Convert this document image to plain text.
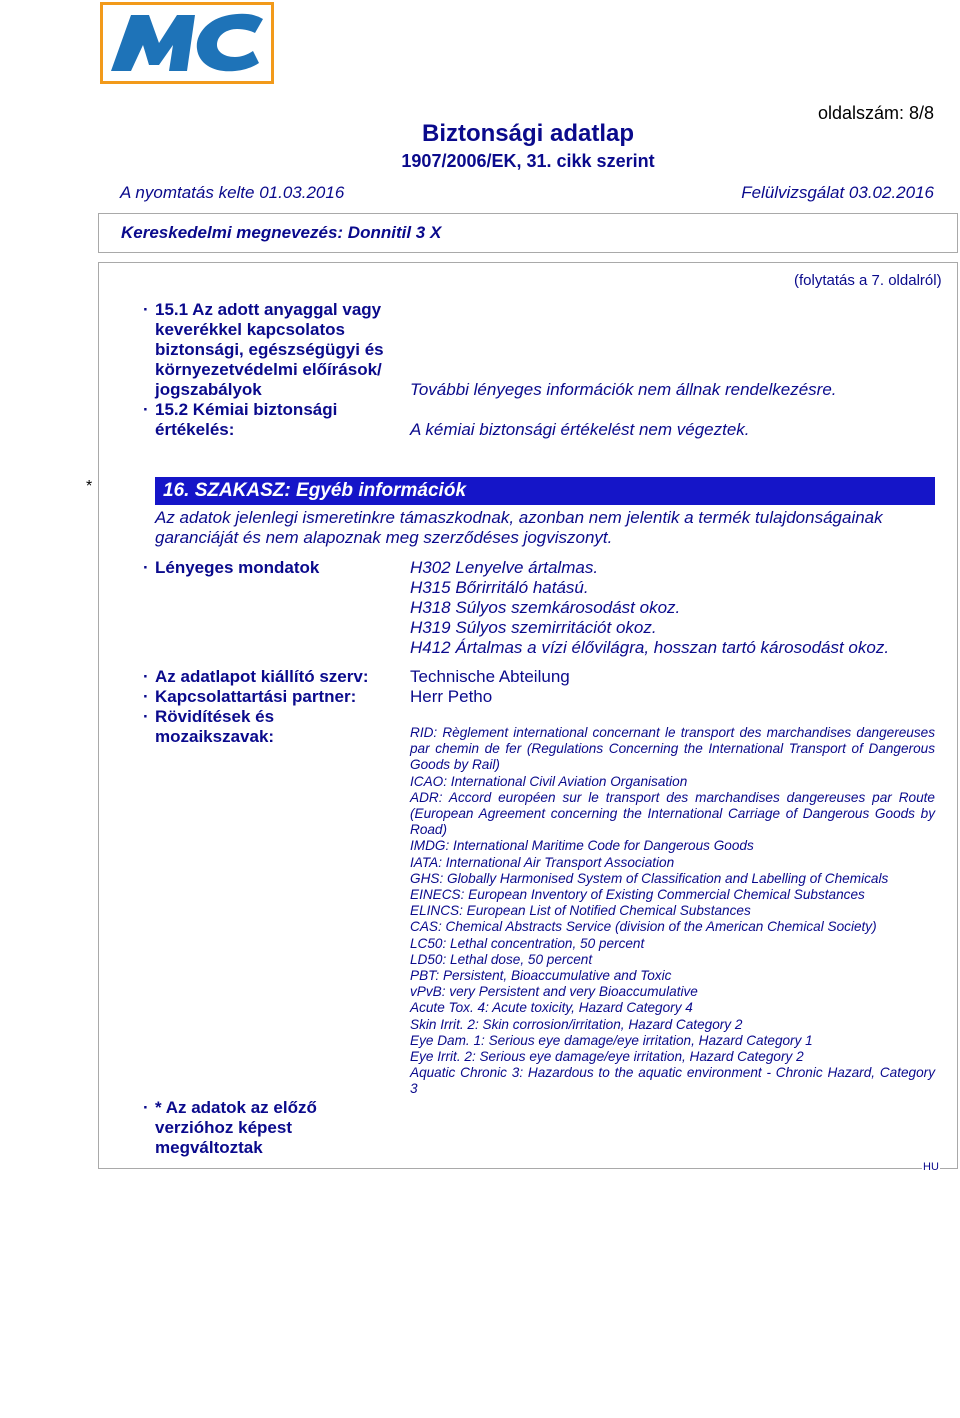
oldalszám: 8/8
Biztonsági adatlap
1907/2006/EK, 31. cikk szerint
A nyomtatás kelte 01.03.2016	Felülvizsgálat 03.02.2016
Kereskedelmi megnevezés: Donnitil 3 X
HU
(folytatás a 7. oldalról)
· 15.1 Az adott anyaggal vagy
keverékkel kapcsolatos
biztonsági, egészségügyi és
környezetvédelmi előírások/
jogszabályok	További lényeges információk nem állnak rendelkezésre.
· 15.2 Kémiai biztonsági
értékelés:	A kémiai biztonsági értékelést nem végeztek.
*	16. SZAKASZ: Egyéb információk
Az adatok jelenlegi ismeretinkre támaszkodnak, azonban nem jelentik a termék tulajdonságainak garanciáját és nem alapoznak meg szerződéses jogviszonyt.
· Lényeges mondatok	H302 Lenyelve ártalmas.
H315 Bőrirritáló hatású.
H318 Súlyos szemkárosodást okoz.
H319 Súlyos szemirritációt okoz.
H412 Ártalmas a vízi élővilágra, hosszan tartó károsodást okoz.
· Az adatlapot kiállító szerv: Technische Abteilung
· Kapcsolattartási partner:	Herr Petho
· Rövidítések és
mozaikszavak:	RID: Règlement international concernant le transport des marchandises dangereuses par chemin de fer (Regulations Concerning the International Transport of Dangerous Goods by Rail)
ICAO: International Civil Aviation Organisation
ADR: Accord européen sur le transport des marchandises dangereuses par Route (European Agreement concerning the International Carriage of Dangerous Goods by Road)
IMDG: International Maritime Code for Dangerous Goods
IATA: International Air Transport Association
GHS: Globally Harmonised System of Classification and Labelling of Chemicals
EINECS: European Inventory of Existing Commercial Chemical Substances
ELINCS: European List of Notified Chemical Substances
CAS: Chemical Abstracts Service (division of the American Chemical Society)
LC50: Lethal concentration, 50 percent
LD50: Lethal dose, 50 percent
PBT: Persistent, Bioaccumulative and Toxic
vPvB: very Persistent and very Bioaccumulative
Acute Tox. 4: Acute toxicity, Hazard Category 4
Skin Irrit. 2: Skin corrosion/irritation, Hazard Category 2
Eye Dam. 1: Serious eye damage/eye irritation, Hazard Category 1
Eye Irrit. 2: Serious eye damage/eye irritation, Hazard Category 2
Aquatic Chronic 3: Hazardous to the aquatic environment - Chronic Hazard, Category 3
· * Az adatok az előző
verzióhoz képest
megváltoztak
